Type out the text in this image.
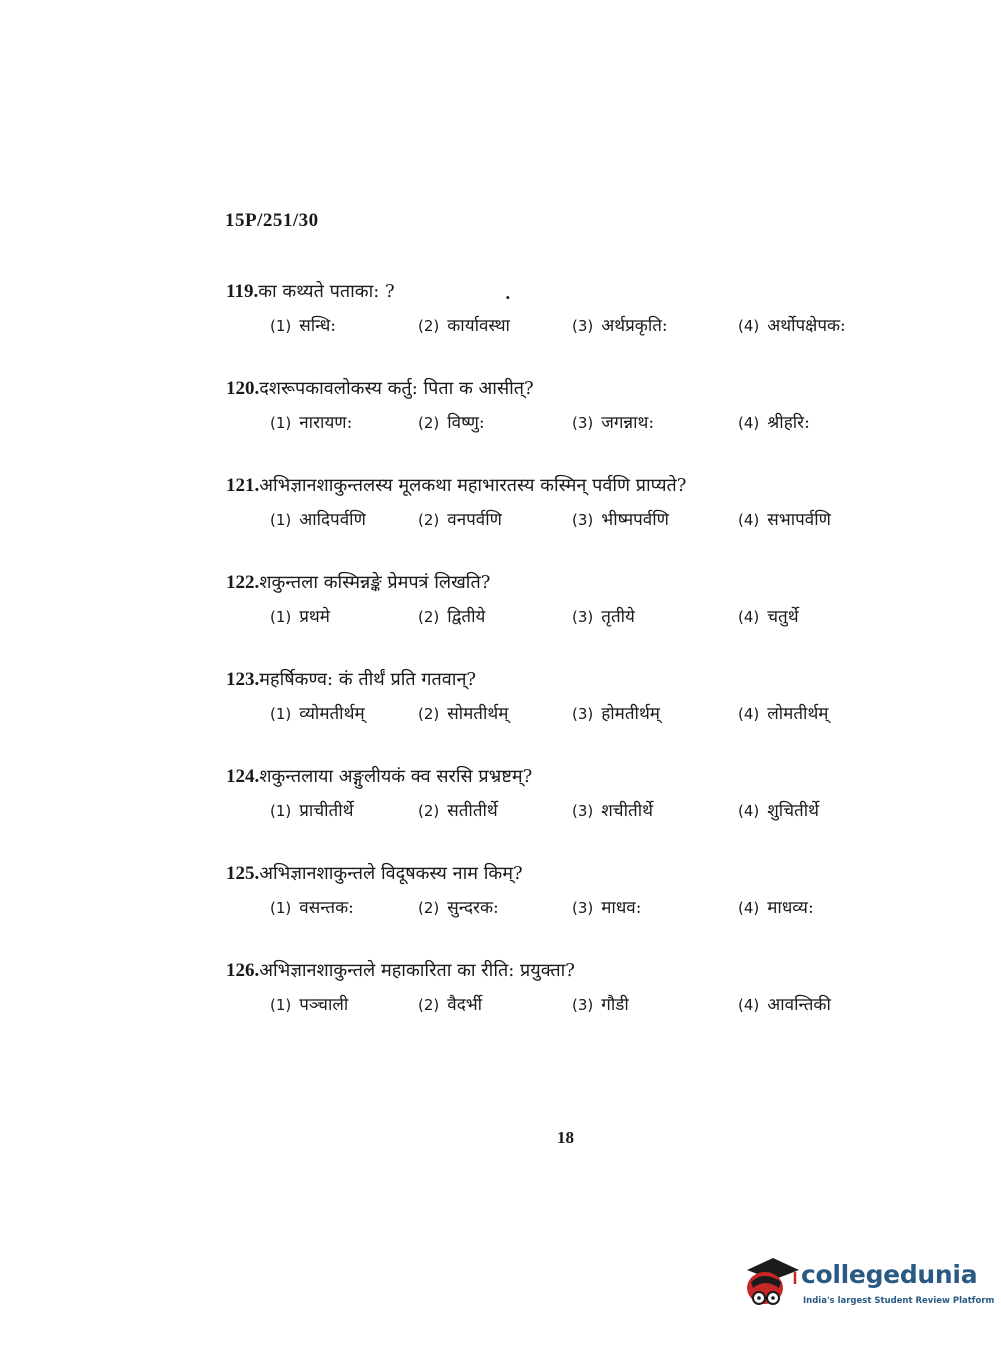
15P/251/30
.
119.का कथ्यते पताका: ?
(1) सन्धि:	(2) कार्यावस्था	(3) अर्थप्रकृति:	(4) अर्थोपक्षेपक:
120.दशरूपकावलोकस्य कर्तु: पिता क आसीत्?
(1) नारायण:	(2) विष्णु:	(3) जगन्नाथ:	(4) श्रीहरि:
121.अभिज्ञानशाकुन्तलस्य मूलकथा महाभारतस्य कस्मिन् पर्वणि प्राप्यते?
(1) आदिपर्वणि	(2) वनपर्वणि	(3) भीष्मपर्वणि	(4) सभापर्वणि
122.शकुन्तला कस्मिन्नङ्के प्रेमपत्रं लिखति?
(1) प्रथमे	(2) द्वितीये	(3) तृतीये	(4) चतुर्थे
123.महर्षिकण्व: कं तीर्थं प्रति गतवान्?
(1) व्योमतीर्थम्	(2) सोमतीर्थम्	(3) होमतीर्थम्	(4) लोमतीर्थम्
124.शकुन्तलाया अङ्गुलीयकं क्व सरसि प्रभ्रष्टम्?
(1) प्राचीतीर्थे	(2) सतीतीर्थे	(3) शचीतीर्थे	(4) शुचितीर्थे
125.अभिज्ञानशाकुन्तले विदूषकस्य नाम किम्?
(1) वसन्तक:	(2) सुन्दरक:	(3) माधव:	(4) माधव्य:
126.अभिज्ञानशाकुन्तले महाकारिता का रीति: प्रयुक्ता?
(1) पञ्चाली	(2) वैदर्भी	(3) गौडी	(4) आवन्तिकी
18
collegedunia
India's largest Student Review Platform
